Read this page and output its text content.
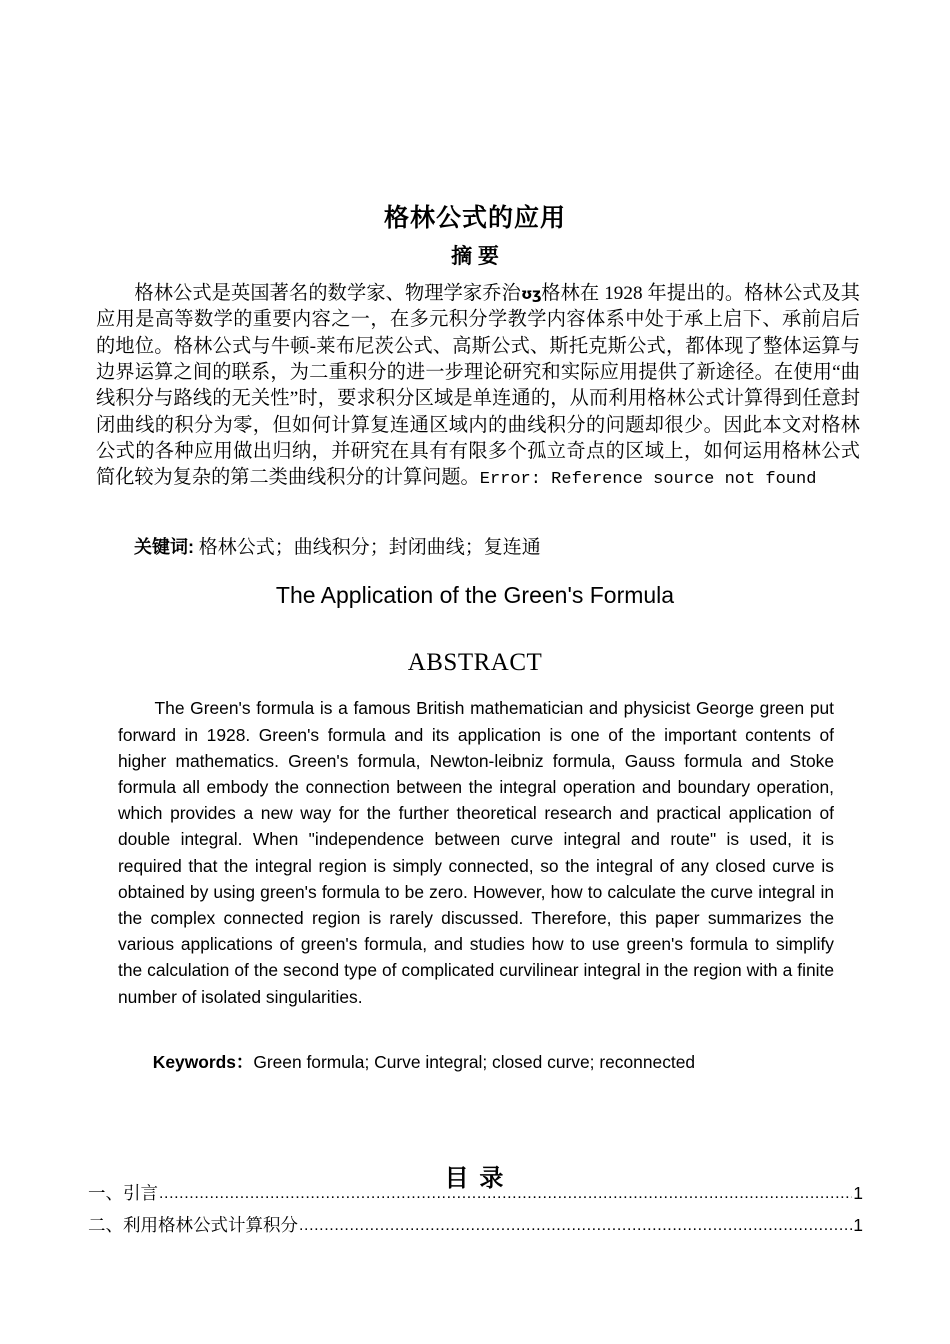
格林公式的应用
摘 要

格林公式是英国著名的数学家、物理学家乔治ʊʒ格林在 1928 年提出的。格林公式及其应用是高等数学的重要内容之一，在多元积分学教学内容体系中处于承上启下、承前启后的地位。格林公式与牛顿-莱布尼茨公式、高斯公式、斯托克斯公式，都体现了整体运算与边界运算之间的联系，为二重积分的进一步理论研究和实际应用提供了新途径。在使用“曲线积分与路线的无关性”时，要求积分区域是单连通的，从而利用格林公式计算得到任意封闭曲线的积分为零，但如何计算复连通区域内的曲线积分的问题却很少。因此本文对格林公式的各种应用做出归纳，并研究在具有有限多个孤立奇点的区域上，如何运用格林公式简化较为复杂的第二类曲线积分的计算问题。Error: Reference source not found

关键词: 格林公式；曲线积分；封闭曲线；复连通

The Application of the Green's Formula
ABSTRACT

The Green's formula is a famous British mathematician and physicist George green put forward in 1928. Green's formula and its application is one of the important contents of higher mathematics. Green's formula, Newton-leibniz formula, Gauss formula and Stoke formula all embody the connection between the integral operation and boundary operation, which provides a new way for the further theoretical research and practical application of double integral. When "independence between curve integral and route" is used, it is required that the integral region is simply connected, so the integral of any closed curve is obtained by using green's formula to be zero. However, how to calculate the curve integral in the complex connected region is rarely discussed. Therefore, this paper summarizes the various applications of green's formula, and studies how to use green's formula to simplify the calculation of the second type of complicated curvilinear integral in the region with a finite number of isolated singularities.

Keywords：Green formula; Curve integral; closed curve; reconnected

目 录
一、引言 .....	1
二、利用格林公式计算积分 .....	1
